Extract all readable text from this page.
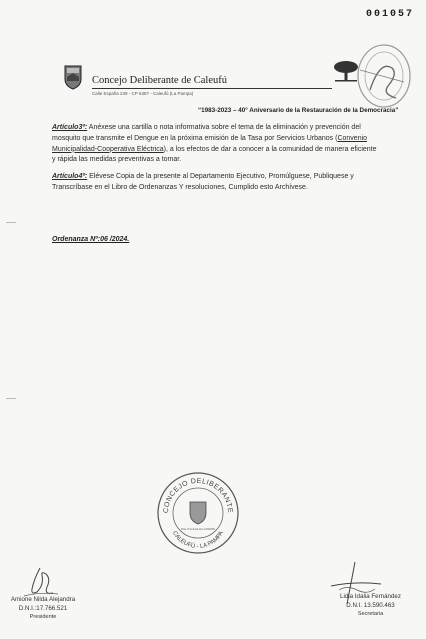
001057
Concejo Deliberante de Caleufú
Calle España 239 - CP 6387 - Caleufú (La Pampa)
“1983-2023 – 40° Aniversario de la Restauración de la Democracia”

Artículo3º: Anéxese una cartilla o nota informativa sobre el tema de la eliminación y prevención del mosquito que transmite el Dengue en la próxima emisión de la Tasa por Servicios Urbanos (Convenio Municipalidad-Cooperativa Eléctrica), a los efectos de dar a conocer a la comunidad de manera eficiente y rápida las medidas preventivas a tomar.

Artículo4º: Elévese Copia de la presente al Departamento Ejecutivo, Promúlguese, Publiquese y Transcríbase en el Libro de Ordenanzas Y resoluciones, Cumplido esto Archívese.

Ordenanza Nº:06 /2024.
CONCEJO DELIBERANTE
CALEUFÚ - LA PAMPA
Pcia. Provincia de LA PAMPA
Amione Nilda Alejandra
D.N.I.:17.766.521
Presidente
Lidia Idalia Fernández
D.N.I. 13.590.463
Secretaria
